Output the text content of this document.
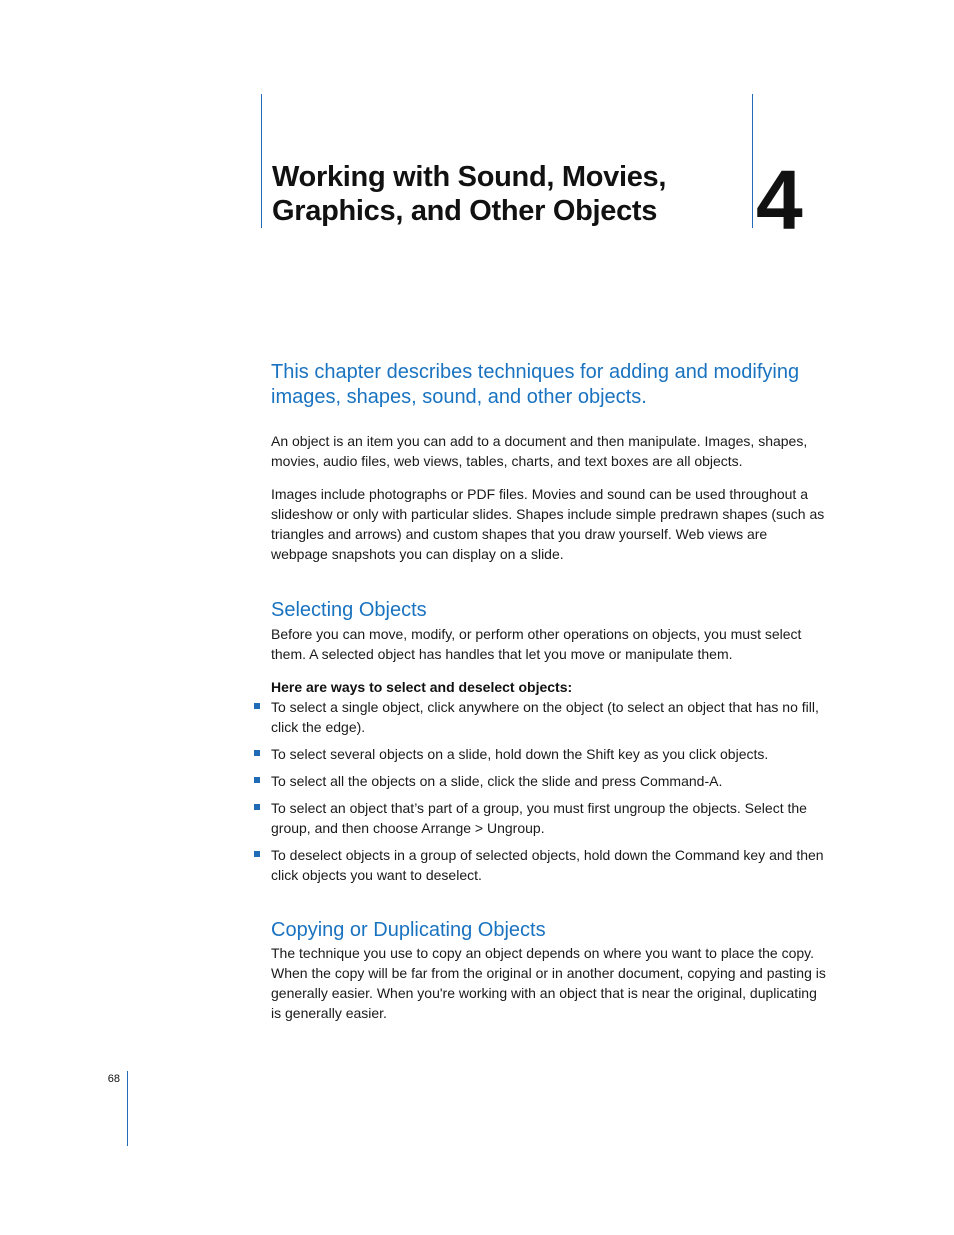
Working with Sound, Movies, Graphics, and Other Objects	4
This chapter describes techniques for adding and modifying images, shapes, sound, and other objects.
An object is an item you can add to a document and then manipulate. Images, shapes, movies, audio files, web views, tables, charts, and text boxes are all objects.
Images include photographs or PDF files. Movies and sound can be used throughout a slideshow or only with particular slides. Shapes include simple predrawn shapes (such as triangles and arrows) and custom shapes that you draw yourself. Web views are webpage snapshots you can display on a slide.
Selecting Objects
Before you can move, modify, or perform other operations on objects, you must select them. A selected object has handles that let you move or manipulate them.
Here are ways to select and deselect objects:
To select a single object, click anywhere on the object (to select an object that has no fill, click the edge).
To select several objects on a slide, hold down the Shift key as you click objects.
To select all the objects on a slide, click the slide and press Command-A.
To select an object that’s part of a group, you must first ungroup the objects. Select the group, and then choose Arrange > Ungroup.
To deselect objects in a group of selected objects, hold down the Command key and then click objects you want to deselect.
Copying or Duplicating Objects
The technique you use to copy an object depends on where you want to place the copy. When the copy will be far from the original or in another document, copying and pasting is generally easier. When you're working with an object that is near the original, duplicating is generally easier.
68
